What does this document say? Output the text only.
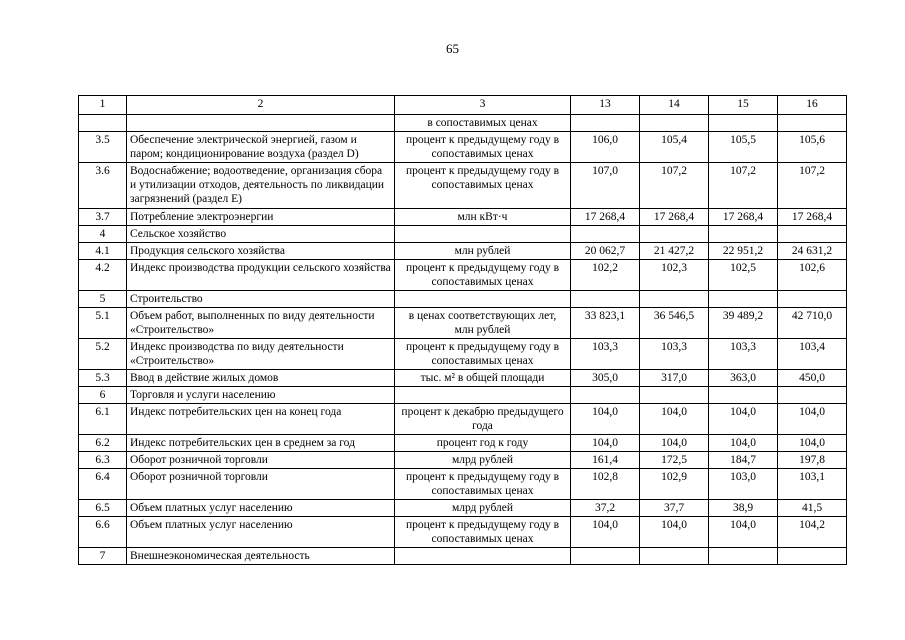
65
1	2	3	13	14	15	16
		в сопоставимых ценах				
3.5	Обеспечение электрической энергией, газом и паром; кондиционирование воздуха (раздел D)	процент к предыдущему году в сопоставимых ценах	106,0	105,4	105,5	105,6
3.6	Водоснабжение; водоотведение, организация сбора и утилизации отходов, деятельность по ликвидации загрязнений (раздел E)	процент к предыдущему году в сопоставимых ценах	107,0	107,2	107,2	107,2
3.7	Потребление электроэнергии	млн кВт·ч	17 268,4	17 268,4	17 268,4	17 268,4
4	Сельское хозяйство					
4.1	Продукция сельского хозяйства	млн рублей	20 062,7	21 427,2	22 951,2	24 631,2
4.2	Индекс производства продукции сельского хозяйства	процент к предыдущему году в сопоставимых ценах	102,2	102,3	102,5	102,6
5	Строительство					
5.1	Объем работ, выполненных по виду деятельности «Строительство»	в ценах соответствующих лет, млн рублей	33 823,1	36 546,5	39 489,2	42 710,0
5.2	Индекс производства по виду деятельности «Строительство»	процент к предыдущему году в сопоставимых ценах	103,3	103,3	103,3	103,4
5.3	Ввод в действие жилых домов	тыс. м² в общей площади	305,0	317,0	363,0	450,0
6	Торговля и услуги населению					
6.1	Индекс потребительских цен на конец года	процент к декабрю предыдущего года	104,0	104,0	104,0	104,0
6.2	Индекс потребительских цен в среднем за год	процент год к году	104,0	104,0	104,0	104,0
6.3	Оборот розничной торговли	млрд рублей	161,4	172,5	184,7	197,8
6.4	Оборот розничной торговли	процент к предыдущему году в сопоставимых ценах	102,8	102,9	103,0	103,1
6.5	Объем платных услуг населению	млрд рублей	37,2	37,7	38,9	41,5
6.6	Объем платных услуг населению	процент к предыдущему году в сопоставимых ценах	104,0	104,0	104,0	104,2
7	Внешнеэкономическая деятельность					
